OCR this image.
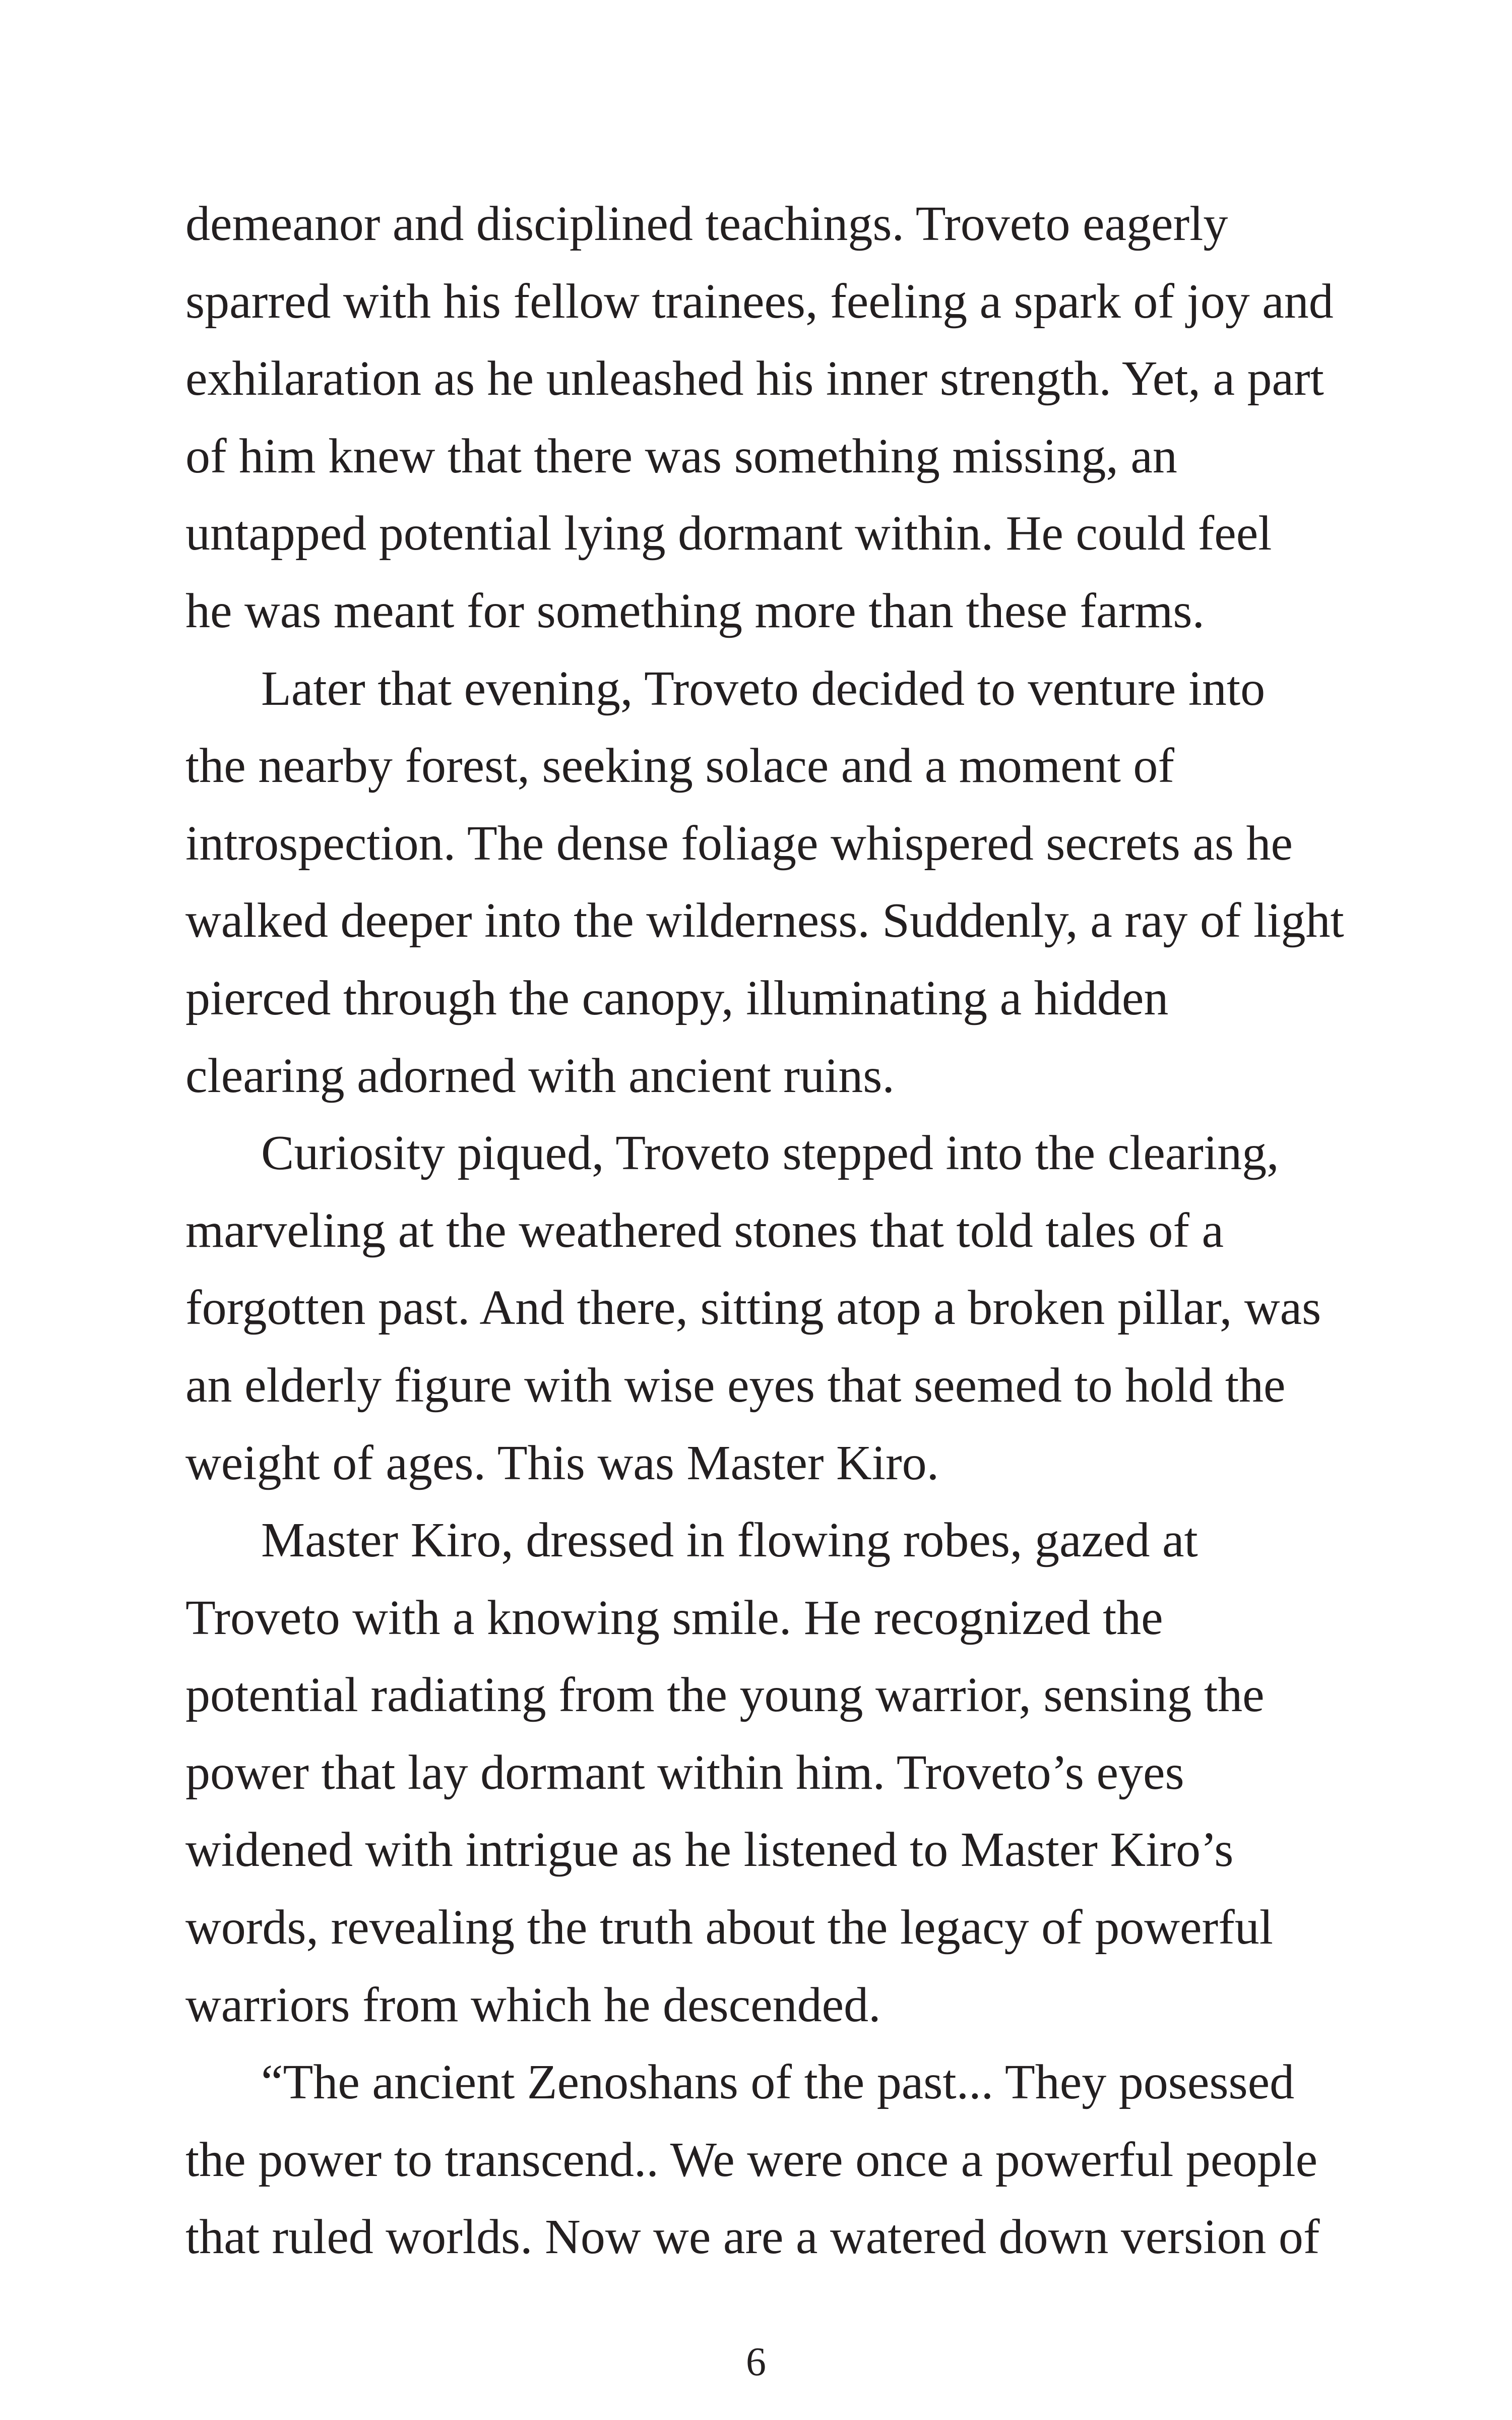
demeanor and disciplined teachings. Troveto eagerly
sparred with his fellow trainees, feeling a spark of joy and
exhilaration as he unleashed his inner strength. Yet, a part
of him knew that there was something missing, an
untapped potential lying dormant within. He could feel
he was meant for something more than these farms.
Later that evening, Troveto decided to venture into
the nearby forest, seeking solace and a moment of
introspection. The dense foliage whispered secrets as he
walked deeper into the wilderness. Suddenly, a ray of light
pierced through the canopy, illuminating a hidden
clearing adorned with ancient ruins.
Curiosity piqued, Troveto stepped into the clearing,
marveling at the weathered stones that told tales of a
forgotten past. And there, sitting atop a broken pillar, was
an elderly figure with wise eyes that seemed to hold the
weight of ages. This was Master Kiro.
Master Kiro, dressed in flowing robes, gazed at
Troveto with a knowing smile. He recognized the
potential radiating from the young warrior, sensing the
power that lay dormant within him. Troveto’s eyes
widened with intrigue as he listened to Master Kiro’s
words, revealing the truth about the legacy of powerful
warriors from which he descended.
“The ancient Zenoshans of the past... They posessed
the power to transcend.. We were once a powerful people
that ruled worlds. Now we are a watered down version of
6
